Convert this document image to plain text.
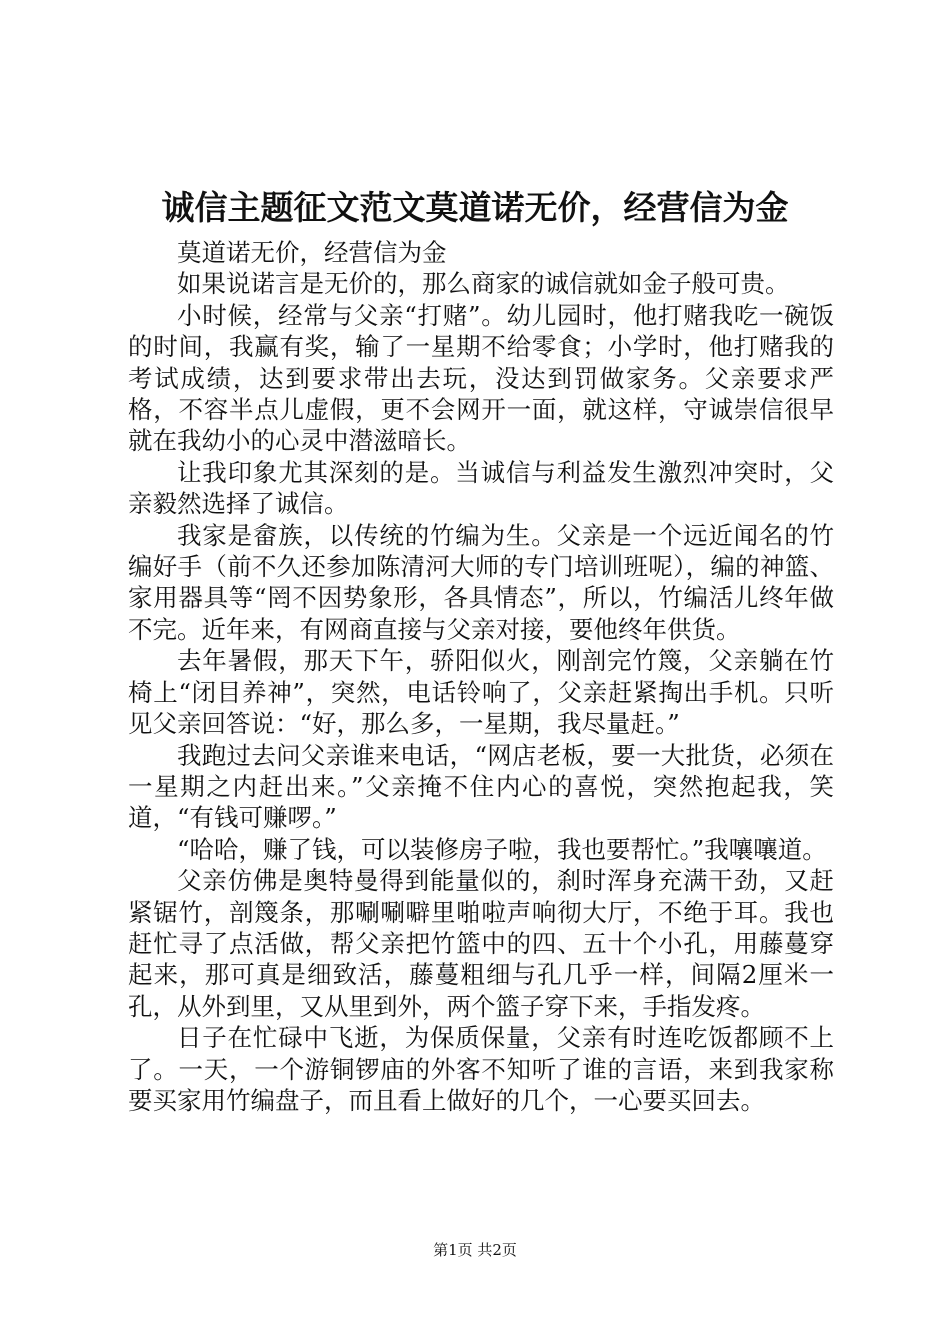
诚信主题征文范文莫道诺无价，经营信为金

莫道诺无价，经营信为金

如果说诺言是无价的，那么商家的诚信就如金子般可贵。

小时候，经常与父亲“打赌”。幼儿园时，他打赌我吃一碗饭的时间，我赢有奖，输了一星期不给零食；小学时，他打赌我的考试成绩，达到要求带出去玩，没达到罚做家务。父亲要求严格，不容半点儿虚假，更不会网开一面，就这样，守诚崇信很早就在我幼小的心灵中潜滋暗长。

让我印象尤其深刻的是。当诚信与利益发生激烈冲突时，父亲毅然选择了诚信。

我家是畲族，以传统的竹编为生。父亲是一个远近闻名的竹编好手（前不久还参加陈清河大师的专门培训班呢），编的神篮、家用器具等“罔不因势象形，各具情态”，所以，竹编活儿终年做不完。近年来，有网商直接与父亲对接，要他终年供货。

去年暑假，那天下午，骄阳似火，刚剖完竹篾，父亲躺在竹椅上“闭目养神”，突然，电话铃响了，父亲赶紧掏出手机。只听见父亲回答说：“好，那么多，一星期，我尽量赶。”

我跑过去问父亲谁来电话，“网店老板，要一大批货，必须在一星期之内赶出来。”父亲掩不住内心的喜悦，突然抱起我，笑道，“有钱可赚啰。”

“哈哈，赚了钱，可以装修房子啦，我也要帮忙。”我嚷嚷道。

父亲仿佛是奥特曼得到能量似的，刹时浑身充满干劲，又赶紧锯竹，剖篾条，那唰唰噼里啪啦声响彻大厅，不绝于耳。我也赶忙寻了点活做，帮父亲把竹篮中的四、五十个小孔，用藤蔓穿起来，那可真是细致活，藤蔓粗细与孔几乎一样，间隔2厘米一孔，从外到里，又从里到外，两个篮子穿下来，手指发疼。

日子在忙碌中飞逝，为保质保量，父亲有时连吃饭都顾不上了。一天，一个游铜锣庙的外客不知听了谁的言语，来到我家称要买家用竹编盘子，而且看上做好的几个，一心要买回去。

第1页 共2页
